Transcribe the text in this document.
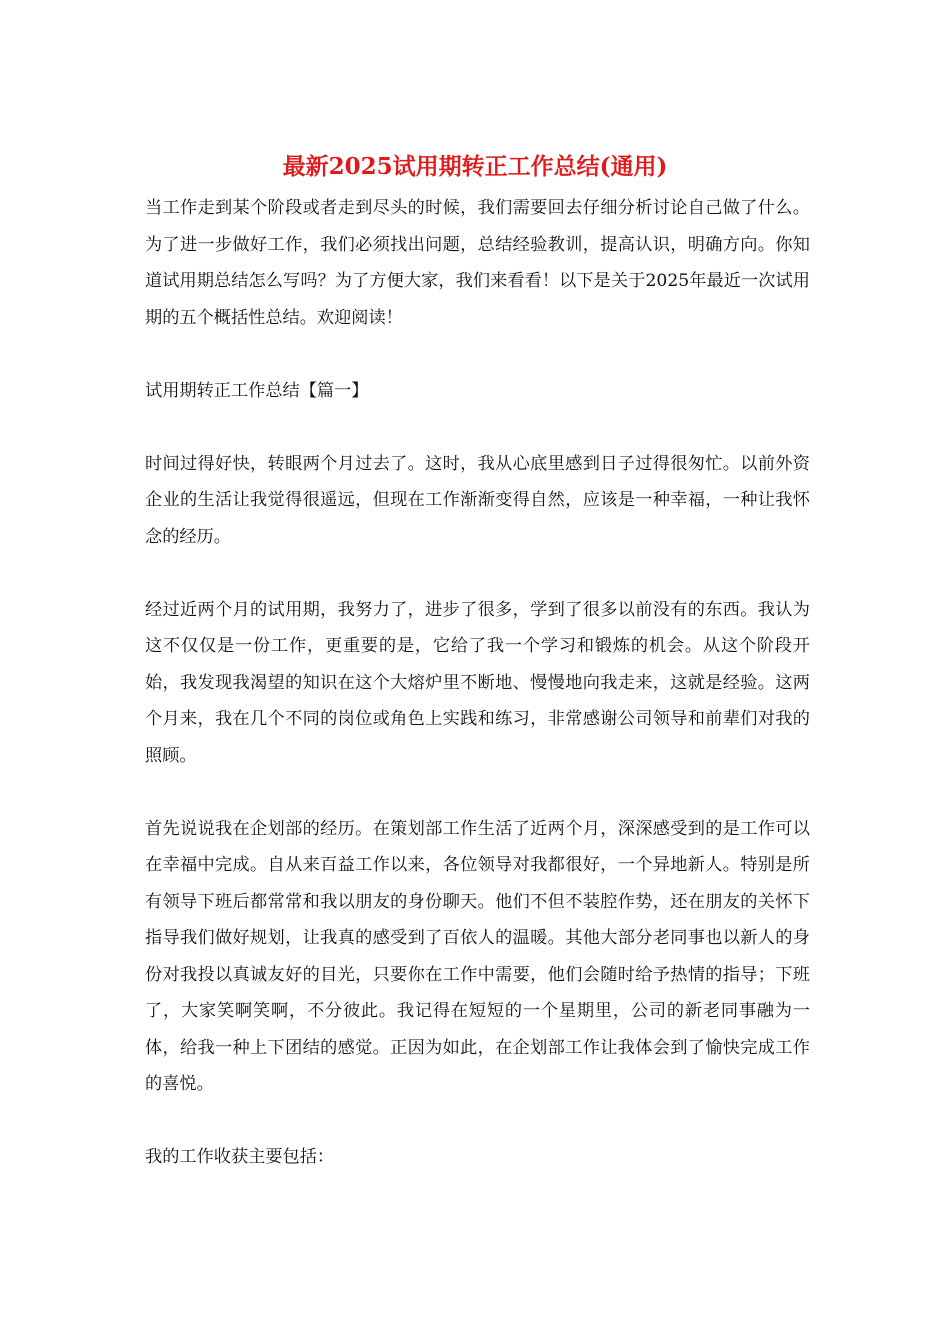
最新2025试用期转正工作总结(通用)

当工作走到某个阶段或者走到尽头的时候，我们需要回去仔细分析讨论自己做了什么。为了进一步做好工作，我们必须找出问题，总结经验教训，提高认识，明确方向。你知道试用期总结怎么写吗？为了方便大家，我们来看看！以下是关于2025年最近一次试用期的五个概括性总结。欢迎阅读！

试用期转正工作总结【篇一】

时间过得好快，转眼两个月过去了。这时，我从心底里感到日子过得很匆忙。以前外资企业的生活让我觉得很遥远，但现在工作渐渐变得自然，应该是一种幸福，一种让我怀念的经历。

经过近两个月的试用期，我努力了，进步了很多，学到了很多以前没有的东西。我认为这不仅仅是一份工作，更重要的是，它给了我一个学习和锻炼的机会。从这个阶段开始，我发现我渴望的知识在这个大熔炉里不断地、慢慢地向我走来，这就是经验。这两个月来，我在几个不同的岗位或角色上实践和练习，非常感谢公司领导和前辈们对我的照顾。

首先说说我在企划部的经历。在策划部工作生活了近两个月，深深感受到的是工作可以在幸福中完成。自从来百益工作以来，各位领导对我都很好，一个异地新人。特别是所有领导下班后都常常和我以朋友的身份聊天。他们不但不装腔作势，还在朋友的关怀下指导我们做好规划，让我真的感受到了百依人的温暖。其他大部分老同事也以新人的身份对我投以真诚友好的目光，只要你在工作中需要，他们会随时给予热情的指导；下班了，大家笑啊笑啊，不分彼此。我记得在短短的一个星期里，公司的新老同事融为一体，给我一种上下团结的感觉。正因为如此，在企划部工作让我体会到了愉快完成工作的喜悦。

我的工作收获主要包括：
